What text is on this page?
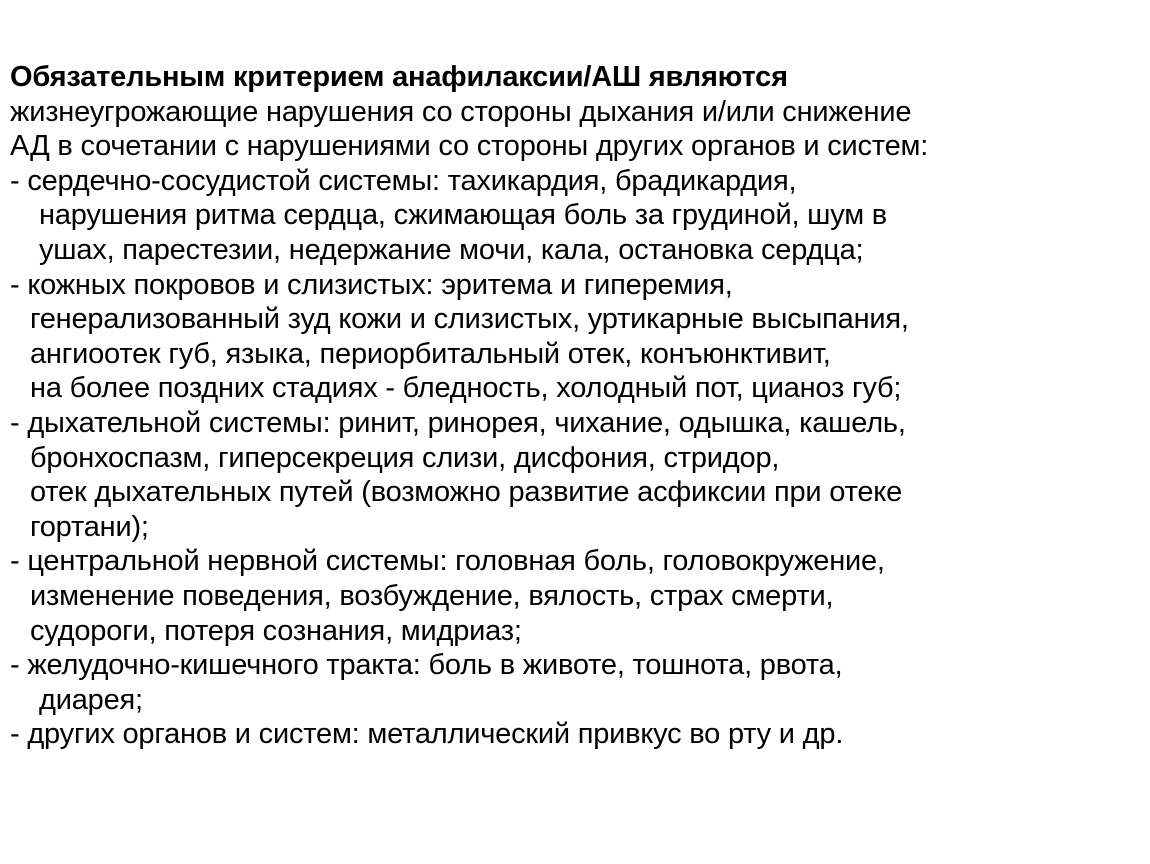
Обязательным критерием анафилаксии/АШ являются
жизнеугрожающие нарушения со стороны дыхания и/или снижение
АД в сочетании с нарушениями со стороны других органов и систем:
- сердечно-сосудистой системы: тахикардия, брадикардия,
нарушения ритма сердца, сжимающая боль за грудиной, шум в
ушах, парестезии, недержание мочи, кала, остановка сердца;
- кожных покровов и слизистых: эритема и гиперемия,
генерализованный зуд кожи и слизистых, уртикарные высыпания,
ангиоотек губ, языка, периорбитальный отек, конъюнктивит,
на более поздних стадиях - бледность, холодный пот, цианоз губ;
- дыхательной системы: ринит, ринорея, чихание, одышка, кашель,
бронхоспазм, гиперсекреция слизи, дисфония, стридор,
отек дыхательных путей (возможно развитие асфиксии при отеке
гортани);
- центральной нервной системы: головная боль, головокружение,
изменение поведения, возбуждение, вялость, страх смерти,
судороги, потеря сознания, мидриаз;
- желудочно-кишечного тракта: боль в животе, тошнота, рвота,
диарея;
- других органов и систем: металлический привкус во рту и др.
